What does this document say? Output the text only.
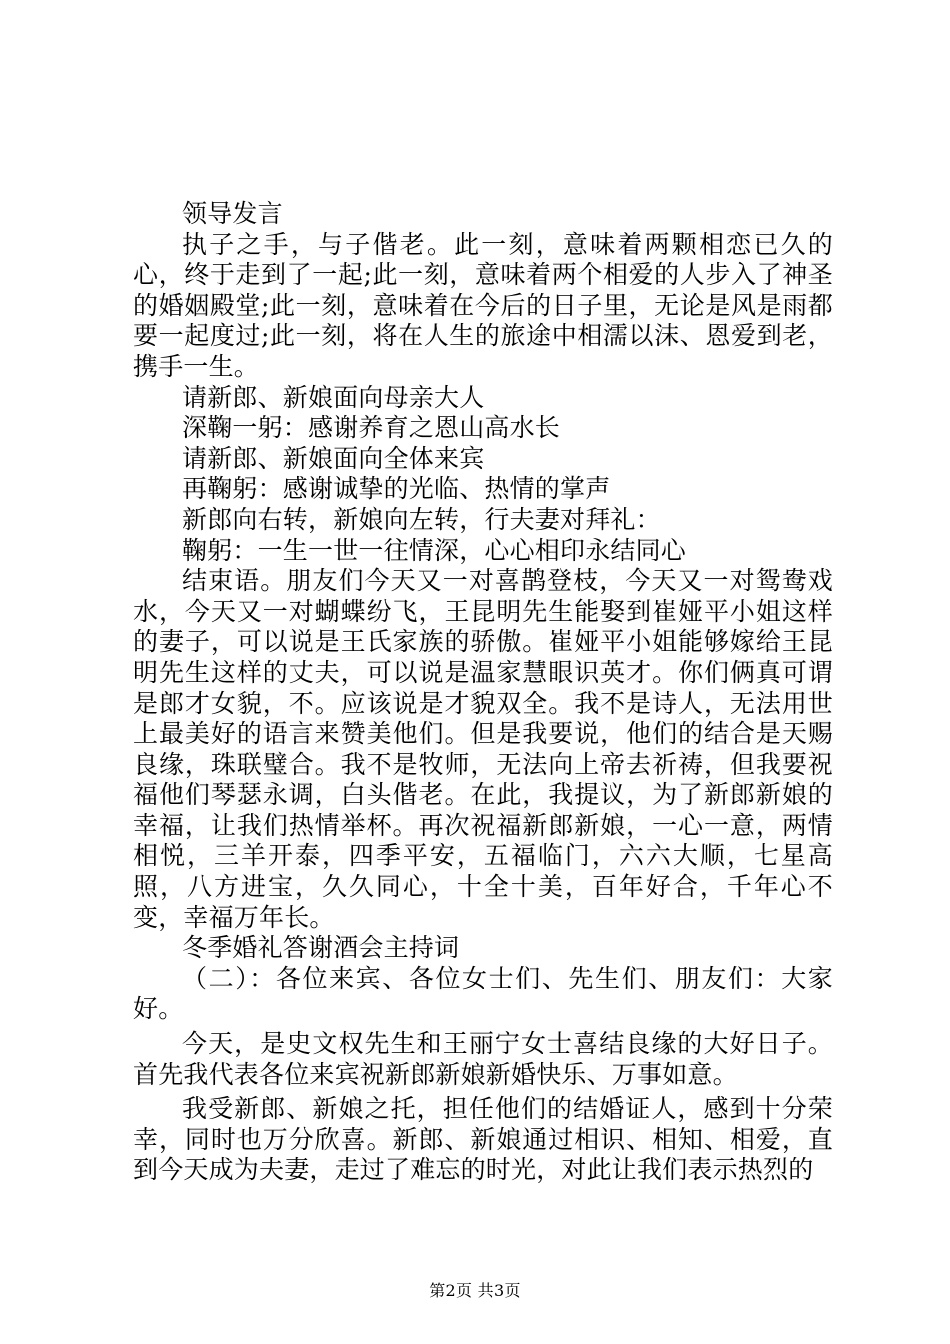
领导发言

执子之手，与子偕老。此一刻，意味着两颗相恋已久的心，终于走到了一起;此一刻，意味着两个相爱的人步入了神圣的婚姻殿堂;此一刻，意味着在今后的日子里，无论是风是雨都要一起度过;此一刻，将在人生的旅途中相濡以沫、恩爱到老，携手一生。

请新郎、新娘面向母亲大人

深鞠一躬：感谢养育之恩山高水长

请新郎、新娘面向全体来宾

再鞠躬：感谢诚挚的光临、热情的掌声

新郎向右转，新娘向左转，行夫妻对拜礼：

鞠躬：一生一世一往情深，心心相印永结同心

结束语。朋友们今天又一对喜鹊登枝，今天又一对鸳鸯戏水，今天又一对蝴蝶纷飞，王昆明先生能娶到崔娅平小姐这样的妻子，可以说是王氏家族的骄傲。崔娅平小姐能够嫁给王昆明先生这样的丈夫，可以说是温家慧眼识英才。你们俩真可谓是郎才女貌，不。应该说是才貌双全。我不是诗人，无法用世上最美好的语言来赞美他们。但是我要说，他们的结合是天赐良缘，珠联璧合。我不是牧师，无法向上帝去祈祷，但我要祝福他们琴瑟永调，白头偕老。在此，我提议，为了新郎新娘的幸福，让我们热情举杯。再次祝福新郎新娘，一心一意，两情相悦，三羊开泰，四季平安，五福临门，六六大顺，七星高照，八方进宝，久久同心，十全十美，百年好合，千年心不变，幸福万年长。

冬季婚礼答谢酒会主持词

（二）：各位来宾、各位女士们、先生们、朋友们：大家好。

今天，是史文权先生和王丽宁女士喜结良缘的大好日子。首先我代表各位来宾祝新郎新娘新婚快乐、万事如意。

我受新郎、新娘之托，担任他们的结婚证人，感到十分荣幸，同时也万分欣喜。新郎、新娘通过相识、相知、相爱，直到今天成为夫妻，走过了难忘的时光，对此让我们表示热烈的

第2页 共3页
